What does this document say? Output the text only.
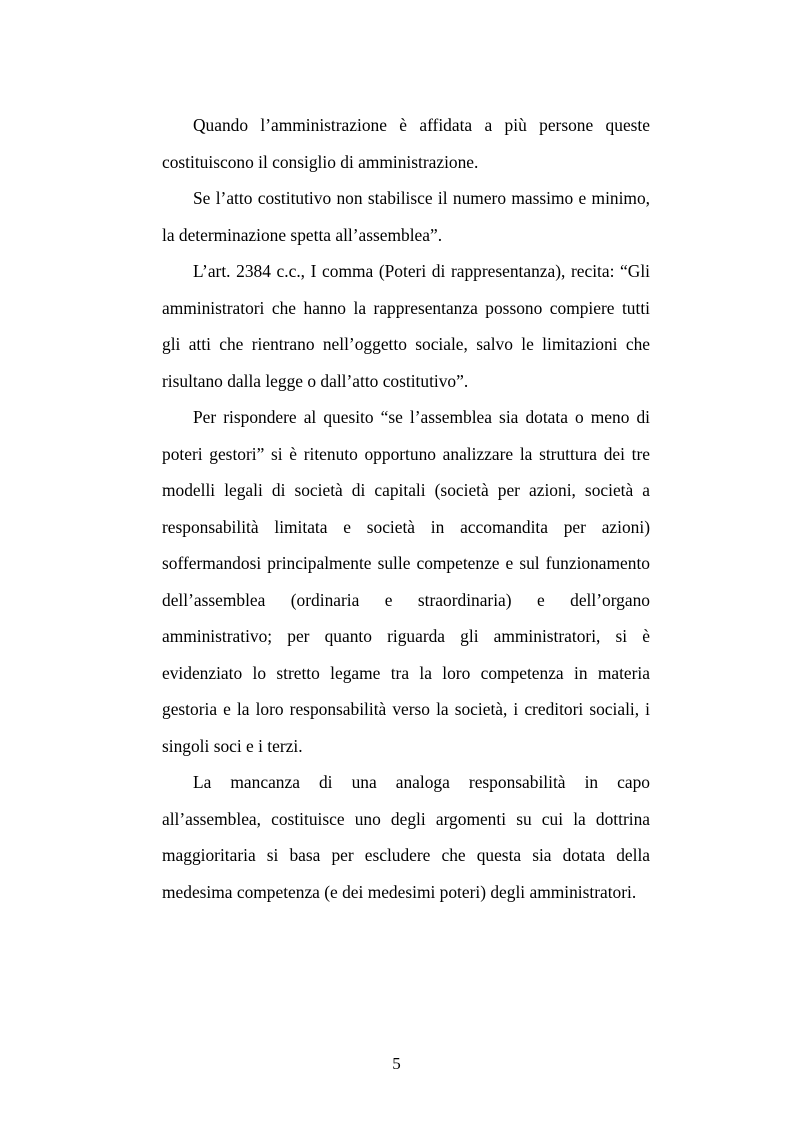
Quando l’amministrazione è affidata a più persone queste costituiscono il consiglio di amministrazione.

Se l’atto costitutivo non stabilisce il numero massimo e minimo, la determinazione spetta all’assemblea”.

L’art. 2384 c.c., I comma (Poteri di rappresentanza), recita: “Gli amministratori che hanno la rappresentanza possono compiere tutti gli atti che rientrano nell’oggetto sociale, salvo le limitazioni che risultano dalla legge o dall’atto costitutivo”.

Per rispondere al quesito “se l’assemblea sia dotata o meno di poteri gestori” si è ritenuto opportuno analizzare la struttura dei tre modelli legali di società di capitali (società per azioni, società a responsabilità limitata e società in accomandita per azioni) soffermandosi principalmente sulle competenze e sul funzionamento dell’assemblea (ordinaria e straordinaria) e dell’organo amministrativo; per quanto riguarda gli amministratori, si è evidenziato lo stretto legame tra la loro competenza in materia gestoria e la loro responsabilità verso la società, i creditori sociali, i singoli soci e i terzi.

La mancanza di una analoga responsabilità in capo all’assemblea, costituisce uno degli argomenti su cui la dottrina maggioritaria si basa per escludere che questa sia dotata della medesima competenza (e dei medesimi poteri) degli amministratori.

5
